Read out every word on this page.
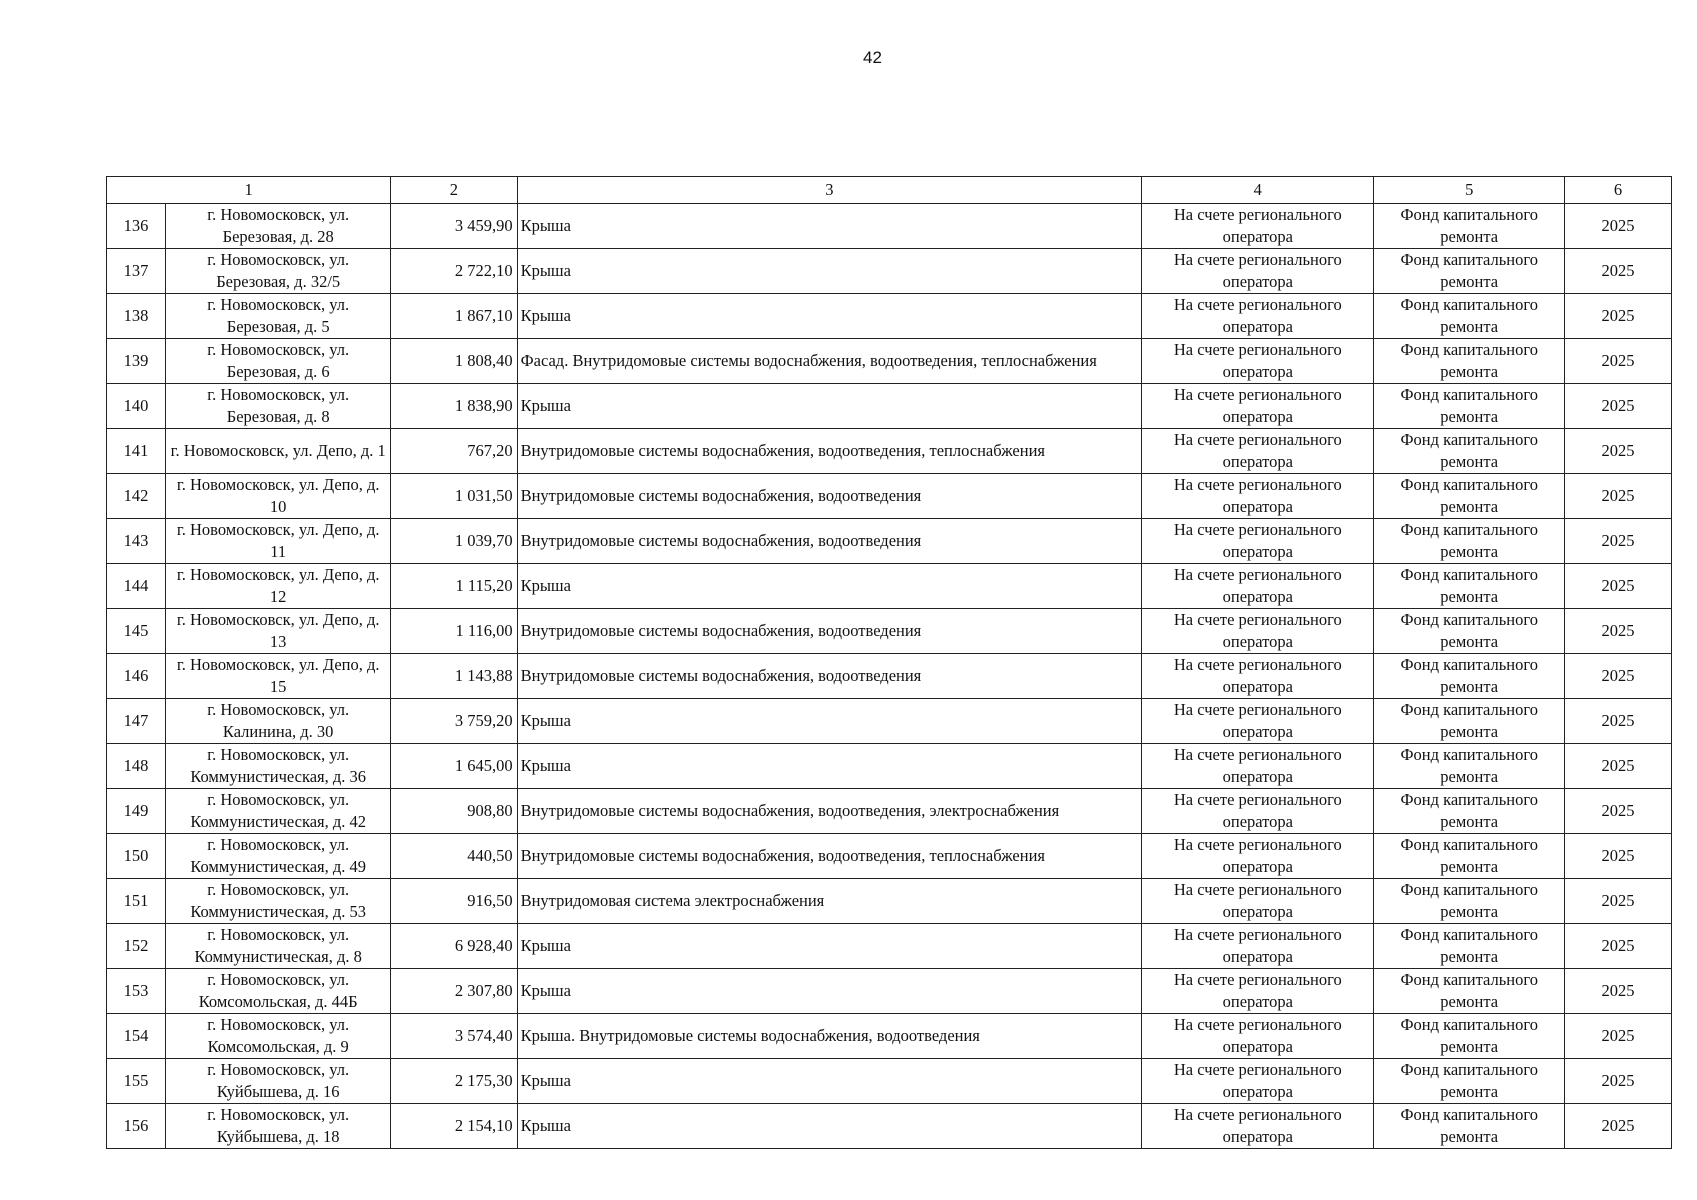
42
1		2	3	4	5	6
136	г. Новомосковск, ул. Березовая, д. 28	3 459,90	Крыша	На счете регионального оператора	Фонд капитального ремонта	2025
137	г. Новомосковск, ул. Березовая, д. 32/5	2 722,10	Крыша	На счете регионального оператора	Фонд капитального ремонта	2025
138	г. Новомосковск, ул. Березовая, д. 5	1 867,10	Крыша	На счете регионального оператора	Фонд капитального ремонта	2025
139	г. Новомосковск, ул. Березовая, д. 6	1 808,40	Фасад. Внутридомовые системы водоснабжения, водоотведения, теплоснабжения	На счете регионального оператора	Фонд капитального ремонта	2025
140	г. Новомосковск, ул. Березовая, д. 8	1 838,90	Крыша	На счете регионального оператора	Фонд капитального ремонта	2025
141	г. Новомосковск, ул. Депо, д. 1	767,20	Внутридомовые системы водоснабжения, водоотведения, теплоснабжения	На счете регионального оператора	Фонд капитального ремонта	2025
142	г. Новомосковск, ул. Депо, д. 10	1 031,50	Внутридомовые системы водоснабжения, водоотведения	На счете регионального оператора	Фонд капитального ремонта	2025
143	г. Новомосковск, ул. Депо, д. 11	1 039,70	Внутридомовые системы водоснабжения, водоотведения	На счете регионального оператора	Фонд капитального ремонта	2025
144	г. Новомосковск, ул. Депо, д. 12	1 115,20	Крыша	На счете регионального оператора	Фонд капитального ремонта	2025
145	г. Новомосковск, ул. Депо, д. 13	1 116,00	Внутридомовые системы водоснабжения, водоотведения	На счете регионального оператора	Фонд капитального ремонта	2025
146	г. Новомосковск, ул. Депо, д. 15	1 143,88	Внутридомовые системы водоснабжения, водоотведения	На счете регионального оператора	Фонд капитального ремонта	2025
147	г. Новомосковск, ул. Калинина, д. 30	3 759,20	Крыша	На счете регионального оператора	Фонд капитального ремонта	2025
148	г. Новомосковск, ул. Коммунистическая, д. 36	1 645,00	Крыша	На счете регионального оператора	Фонд капитального ремонта	2025
149	г. Новомосковск, ул. Коммунистическая, д. 42	908,80	Внутридомовые системы водоснабжения, водоотведения, электроснабжения	На счете регионального оператора	Фонд капитального ремонта	2025
150	г. Новомосковск, ул. Коммунистическая, д. 49	440,50	Внутридомовые системы водоснабжения, водоотведения, теплоснабжения	На счете регионального оператора	Фонд капитального ремонта	2025
151	г. Новомосковск, ул. Коммунистическая, д. 53	916,50	Внутридомовая система электроснабжения	На счете регионального оператора	Фонд капитального ремонта	2025
152	г. Новомосковск, ул. Коммунистическая, д. 8	6 928,40	Крыша	На счете регионального оператора	Фонд капитального ремонта	2025
153	г. Новомосковск, ул. Комсомольская, д. 44Б	2 307,80	Крыша	На счете регионального оператора	Фонд капитального ремонта	2025
154	г. Новомосковск, ул. Комсомольская, д. 9	3 574,40	Крыша. Внутридомовые системы водоснабжения, водоотведения	На счете регионального оператора	Фонд капитального ремонта	2025
155	г. Новомосковск, ул. Куйбышева, д. 16	2 175,30	Крыша	На счете регионального оператора	Фонд капитального ремонта	2025
156	г. Новомосковск, ул. Куйбышева, д. 18	2 154,10	Крыша	На счете регионального оператора	Фонд капитального ремонта	2025
